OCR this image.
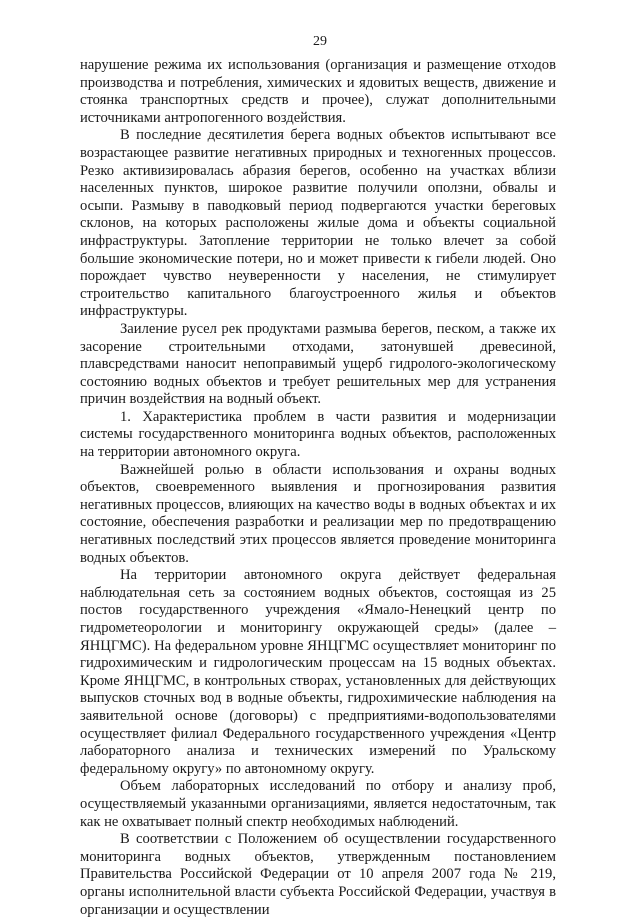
29

нарушение режима их использования (организация и размещение отходов производства и потребления, химических и ядовитых веществ, движение и стоянка транспортных средств и прочее), служат дополнительными источниками антропогенного воздействия.

В последние десятилетия берега водных объектов испытывают все возрастающее развитие негативных природных и техногенных процессов. Резко активизировалась абразия берегов, особенно на участках вблизи населенных пунктов, широкое развитие получили оползни, обвалы и осыпи. Размыву в паводковый период подвергаются участки береговых склонов, на которых расположены жилые дома и объекты социальной инфраструктуры. Затопление территории не только влечет за собой большие экономические потери, но и может привести к гибели людей. Оно порождает чувство неуверенности у населения, не стимулирует строительство капитального благоустроенного жилья и объектов инфраструктуры.

Заиление русел рек продуктами размыва берегов, песком, а также их засорение строительными отходами, затонувшей древесиной, плавсредствами наносит непоправимый ущерб гидролого-экологическому состоянию водных объектов и требует решительных мер для устранения причин воздействия на водный объект.

1. Характеристика проблем в части развития и модернизации системы государственного мониторинга водных объектов, расположенных на территории автономного округа.

Важнейшей ролью в области использования и охраны водных объектов, своевременного выявления и прогнозирования развития негативных процессов, влияющих на качество воды в водных объектах и их состояние, обеспечения разработки и реализации мер по предотвращению негативных последствий этих процессов является проведение мониторинга водных объектов.

На территории автономного округа действует федеральная наблюдательная сеть за состоянием водных объектов, состоящая из 25 постов государственного учреждения «Ямало-Ненецкий центр по гидрометеорологии и мониторингу окружающей среды» (далее – ЯНЦГМС). На федеральном уровне ЯНЦГМС осуществляет мониторинг по гидрохимическим и гидрологическим процессам на 15 водных объектах. Кроме ЯНЦГМС, в контрольных створах, установленных для действующих выпусков сточных вод в водные объекты, гидрохимические наблюдения на заявительной основе (договоры) с предприятиями-водопользователями осуществляет филиал Федерального государственного учреждения «Центр лабораторного анализа и технических измерений по Уральскому федеральному округу» по автономному округу.

Объем лабораторных исследований по отбору и анализу проб, осуществляемый указанными организациями, является недостаточным, так как не охватывает полный спектр необходимых наблюдений.

В соответствии с Положением об осуществлении государственного мониторинга водных объектов, утвержденным постановлением Правительства Российской Федерации от 10 апреля 2007 года № 219, органы исполнительной власти субъекта Российской Федерации, участвуя в организации и осуществлении
